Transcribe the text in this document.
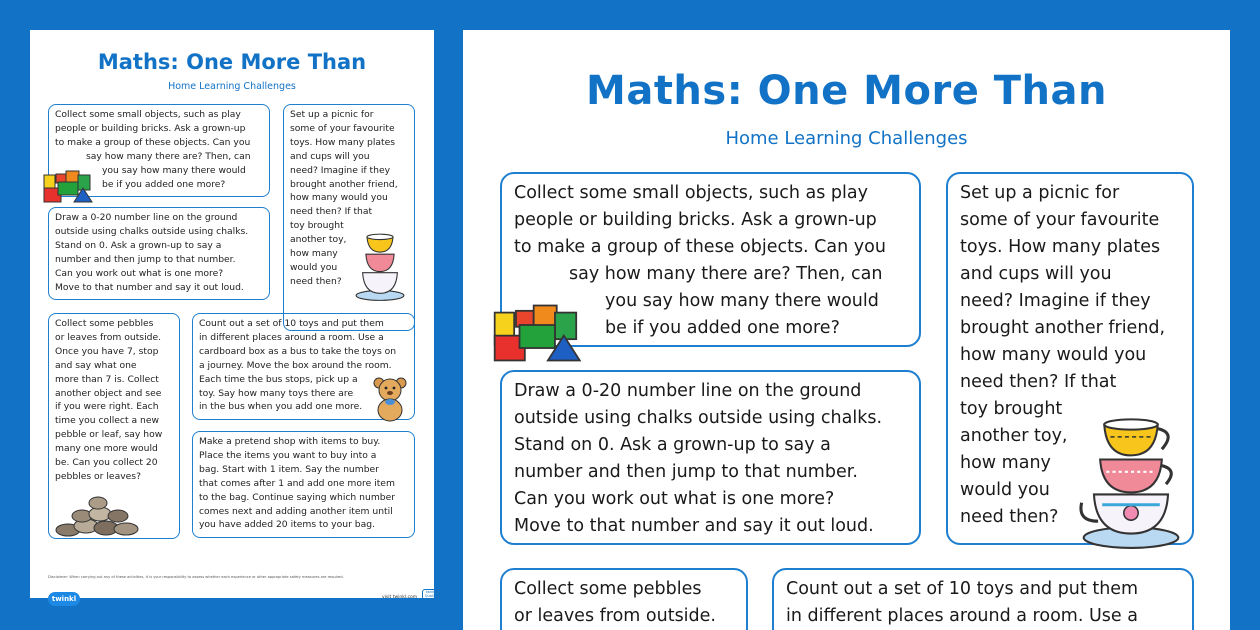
Maths: One More Than
Home Learning Challenges
Collect some small objects, such as play
people or building bricks. Ask a grown-up
to make a group of these objects. Can you
say how many there are? Then, can
you say how many there would
be if you added one more?
Set up a picnic for
some of your favourite
toys. How many plates
and cups will you
need? Imagine if they
brought another friend,
how many would you
need then? If that
toy brought
another toy,
how many
would you
need then?
Draw a 0-20 number line on the ground
outside using chalks outside using chalks.
Stand on 0. Ask a grown-up to say a
number and then jump to that number.
Can you work out what is one more?
Move to that number and say it out loud.
Collect some pebbles
or leaves from outside.
Once you have 7, stop
and say what one
more than 7 is. Collect
another object and see
if you were right. Each
time you collect a new
pebble or leaf, say how
many one more would
be. Can you collect 20
pebbles or leaves?
Count out a set of 10 toys and put them
in different places around a room. Use a
cardboard box as a bus to take the toys on
a journey. Move the box around the room.
Each time the bus stops, pick up a
toy. Say how many toys there are
in the bus when you add one more.
Make a pretend shop with items to buy.
Place the items you want to buy into a
bag. Start with 1 item. Say the number
that comes after 1 and add one more item
to the bag. Continue saying which number
comes next and adding another item until
you have added 20 items to your bag.
Disclaimer: When carrying out any of these activities, it is your responsibility to assess whether each experience or other appropriate safety measures are required.
twinkl	visit twinkl.com
twinkl Quality Standard Approved
Maths: One More Than
Home Learning Challenges
Collect some small objects, such as play
people or building bricks. Ask a grown-up
to make a group of these objects. Can you
say how many there are? Then, can
you say how many there would
be if you added one more?
Set up a picnic for
some of your favourite
toys. How many plates
and cups will you
need? Imagine if they
brought another friend,
how many would you
need then? If that
toy brought
another toy,
how many
would you
need then?
Draw a 0-20 number line on the ground
outside using chalks outside using chalks.
Stand on 0. Ask a grown-up to say a
number and then jump to that number.
Can you work out what is one more?
Move to that number and say it out loud.
Collect some pebbles
or leaves from outside.
Count out a set of 10 toys and put them
in different places around a room. Use a
